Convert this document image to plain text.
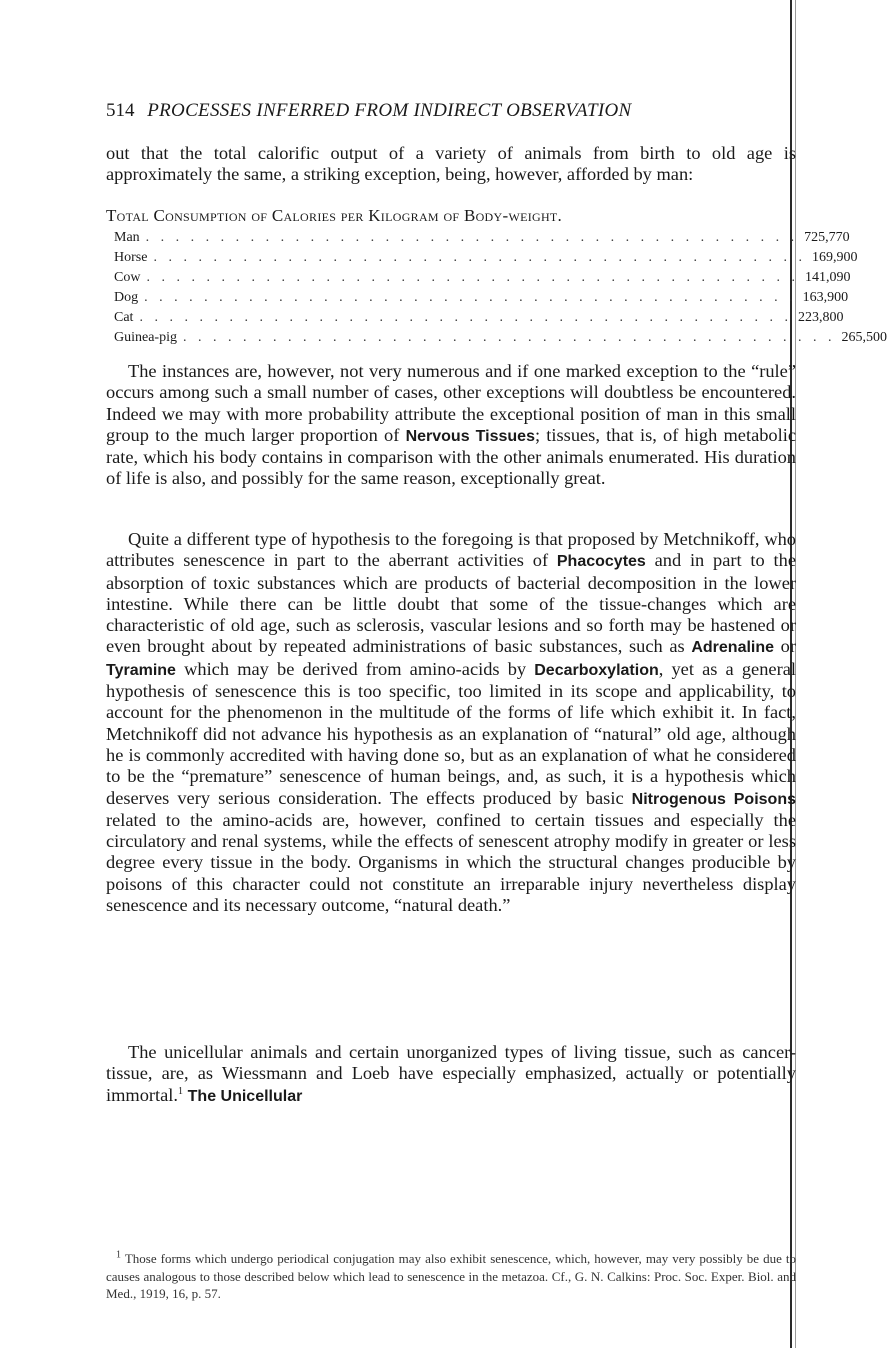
514 PROCESSES INFERRED FROM INDIRECT OBSERVATION

out that the total calorific output of a variety of animals from birth to old age is approximately the same, a striking exception, being, however, afforded by man:

Total Consumption of Calories per Kilogram of Body-weight.
Man . . . . . . . . . . . . . . . . . . . . . . . . . . . . . . . . . . . . . . . . . . . . 725,770
Horse . . . . . . . . . . . . . . . . . . . . . . . . . . . . . . . . . . . . . . . . . . . . 169,900
Cow . . . . . . . . . . . . . . . . . . . . . . . . . . . . . . . . . . . . . . . . . . . . 141,090
Dog . . . . . . . . . . . . . . . . . . . . . . . . . . . . . . . . . . . . . . . . . . . . 163,900
Cat . . . . . . . . . . . . . . . . . . . . . . . . . . . . . . . . . . . . . . . . . . . . 223,800
Guinea-pig . . . . . . . . . . . . . . . . . . . . . . . . . . . . . . . . . . . . . . . . . . . . 265,500

The instances are, however, not very numerous and if one marked exception to the “rule” occurs among such a small number of cases, other exceptions will doubtless be encountered. Indeed we may with more probability attribute the exceptional position of man in this small group to the much larger proportion of Nervous Tissues; tissues, that is, of high metabolic rate, which his body contains in comparison with the other animals enumerated. His duration of life is also, and possibly for the same reason, exceptionally great.

Quite a different type of hypothesis to the foregoing is that proposed by Metchnikoff, who attributes senescence in part to the aberrant activities of Phacocytes and in part to the absorption of toxic substances which are products of bacterial decomposition in the lower intestine. While there can be little doubt that some of the tissue-changes which are characteristic of old age, such as sclerosis, vascular lesions and so forth may be hastened or even brought about by repeated administrations of basic substances, such as Adrenaline or Tyramine which may be derived from amino-acids by Decarboxylation, yet as a general hypothesis of senescence this is too specific, too limited in its scope and applicability, to account for the phenomenon in the multitude of the forms of life which exhibit it. In fact, Metchnikoff did not advance his hypothesis as an explanation of “natural” old age, although he is commonly accredited with having done so, but as an explanation of what he considered to be the “premature” senescence of human beings, and, as such, it is a hypothesis which deserves very serious consideration. The effects produced by basic Nitrogenous Poisons related to the amino-acids are, however, confined to certain tissues and especially the circulatory and renal systems, while the effects of senescent atrophy modify in greater or less degree every tissue in the body. Organisms in which the structural changes producible by poisons of this character could not constitute an irreparable injury nevertheless display senescence and its necessary outcome, “natural death.”

The unicellular animals and certain unorganized types of living tissue, such as cancer-tissue, are, as Wiessmann and Loeb have especially emphasized, actually or potentially immortal.$^1$ The Unicellular

$^1$ Those forms which undergo periodical conjugation may also exhibit senescence, which, however, may very possibly be due to causes analogous to those described below which lead to senescence in the metazoa. Cf., G. N. Calkins: Proc. Soc. Exper. Biol. and Med., 1919, 16, p. 57.
